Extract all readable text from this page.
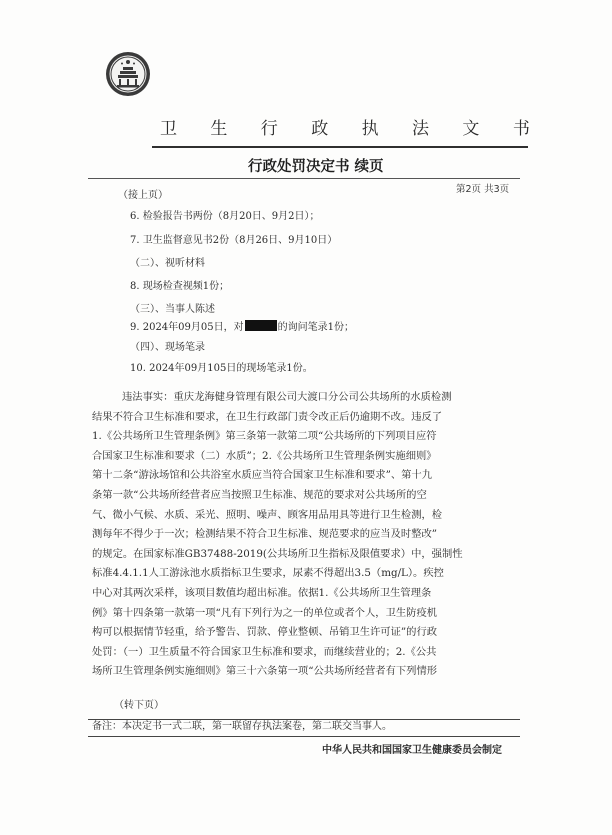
卫 生 行 政 执 法 文 书
行政处罚决定书 续页
第2页 共3页
（接上页）
6. 检验报告书两份（8月20日、9月2日）；
7. 卫生监督意见书2份（8月26日、9月10日）
（二）、视听材料
8. 现场检查视频1份；
（三）、当事人陈述
9. 2024年09月05日，对	的询问笔录1份；
（四）、现场笔录
10. 2024年09月105日的现场笔录1份。

违法事实：重庆龙海健身管理有限公司大渡口分公司公共场所的水质检测

结果不符合卫生标准和要求，在卫生行政部门责令改正后仍逾期不改。违反了

1.《公共场所卫生管理条例》第三条第一款第二项“公共场所的下列项目应符

合国家卫生标准和要求（二）水质”；2.《公共场所卫生管理条例实施细则》

第十二条“游泳场馆和公共浴室水质应当符合国家卫生标准和要求”、第十九

条第一款“公共场所经营者应当按照卫生标准、规范的要求对公共场所的空

气、微小气候、水质、采光、照明、噪声、顾客用品用具等进行卫生检测，检

测每年不得少于一次；检测结果不符合卫生标准、规范要求的应当及时整改”

的规定。在国家标准GB37488-2019(公共场所卫生指标及限值要求）中，强制性

标准4.4.1.1人工游泳池水质指标卫生要求，尿素不得超出3.5（mg/L）。疾控

中心对其两次采样，该项目数值均超出标准。依据1.《公共场所卫生管理条

例》第十四条第一款第一项“凡有下列行为之一的单位或者个人，卫生防疫机

构可以根据情节轻重，给予警告、罚款、停业整顿、吊销卫生许可证”的行政

处罚：（一）卫生质量不符合国家卫生标准和要求，而继续营业的；2.《公共

场所卫生管理条例实施细则》第三十六条第一项“公共场所经营者有下列情形

（转下页）
备注：本决定书一式二联，第一联留存执法案卷，第二联交当事人。
中华人民共和国国家卫生健康委员会制定
